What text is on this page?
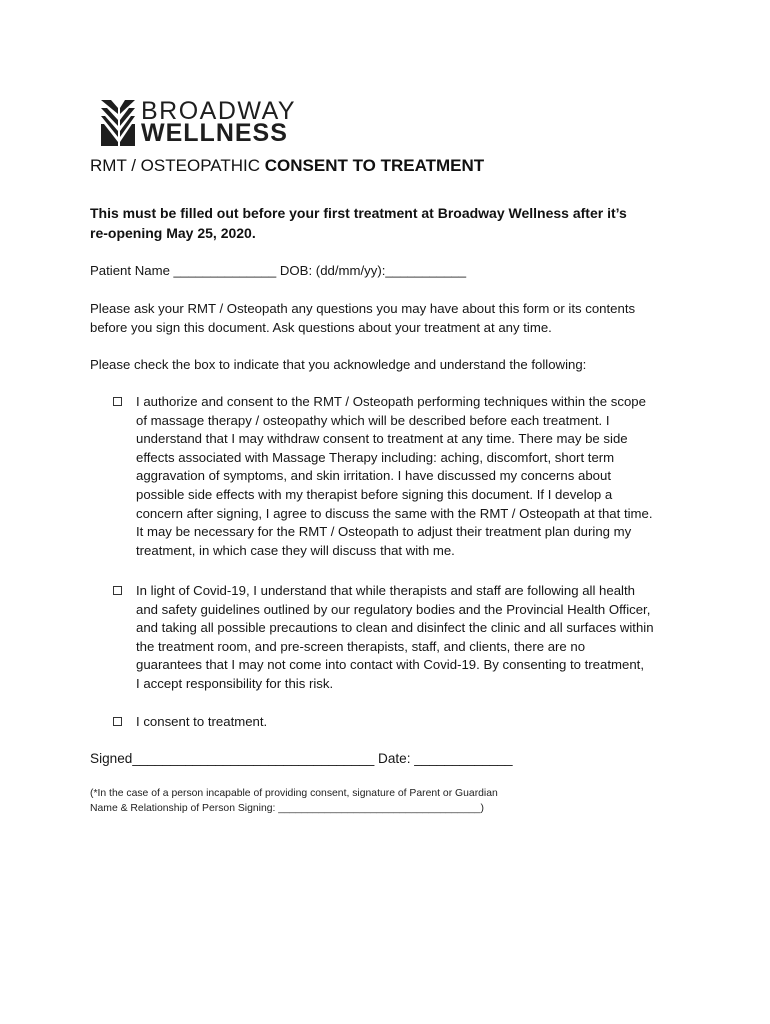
BROADWAY
WELLNESS
RMT / OSTEOPATHIC CONSENT TO TREATMENT
This must be filled out before your first treatment at Broadway Wellness after it’s
re-opening May 25, 2020.
Patient Name ______________ DOB: (dd/mm/yy):___________
Please ask your RMT / Osteopath any questions you may have about this form or its contents
before you sign this document. Ask questions about your treatment at any time.
Please check the box to indicate that you acknowledge and understand the following:
I authorize and consent to the RMT / Osteopath performing techniques within the scope
of massage therapy / osteopathy which will be described before each treatment. I
understand that I may withdraw consent to treatment at any time. There may be side
effects associated with Massage Therapy including: aching, discomfort, short term
aggravation of symptoms, and skin irritation. I have discussed my concerns about
possible side effects with my therapist before signing this document. If I develop a
concern after signing, I agree to discuss the same with the RMT / Osteopath at that time.
It may be necessary for the RMT / Osteopath to adjust their treatment plan during my
treatment, in which case they will discuss that with me.
In light of Covid-19, I understand that while therapists and staff are following all health
and safety guidelines outlined by our regulatory bodies and the Provincial Health Officer,
and taking all possible precautions to clean and disinfect the clinic and all surfaces within
the treatment room, and pre-screen therapists, staff, and clients, there are no
guarantees that I may not come into contact with Covid-19. By consenting to treatment,
I accept responsibility for this risk.
I consent to treatment.
Signed________________________________ Date: _____________
(*In the case of a person incapable of providing consent, signature of Parent or Guardian
Name & Relationship of Person Signing: ___________________________________)
